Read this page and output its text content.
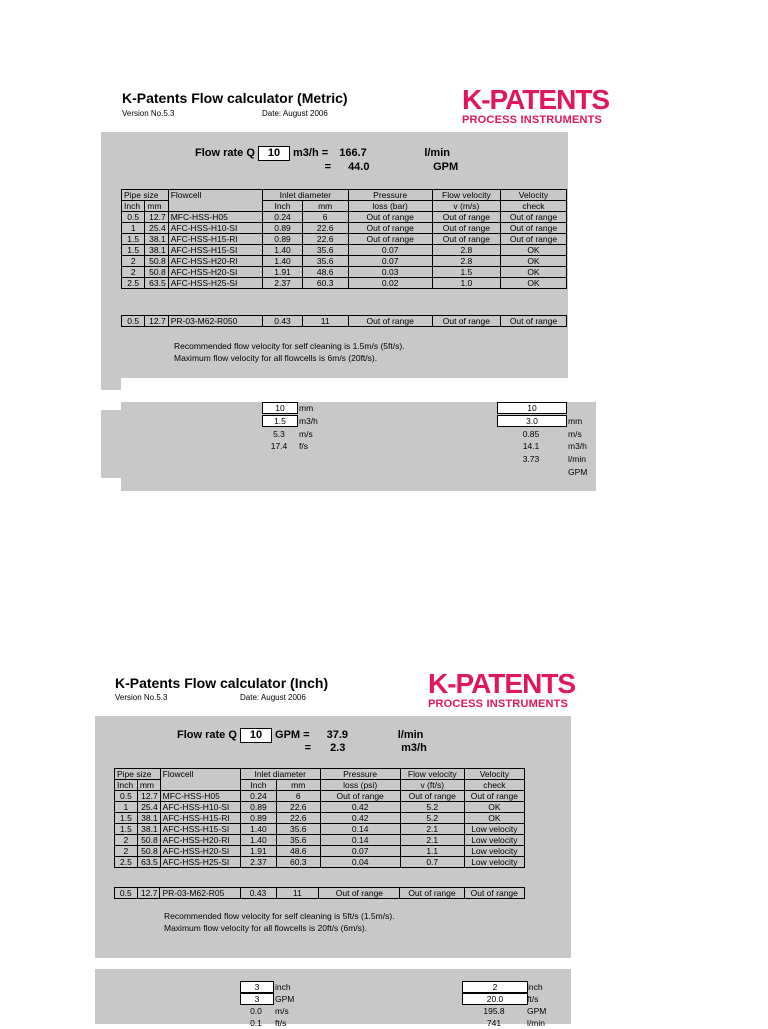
K-Patents Flow calculator (Metric)
Version No.5.3	Date: August 2006	K-PATENTS
PROCESS INSTRUMENTS
Flow rate Q 10 m3/h = 166.7	l/min
= 44.0	GPM
Pipe size		Flowcell	Inlet diameter		Pressure	Flow velocity	Velocity
Inch	mm		Inch	mm	loss (bar)	v (m/s)	check
0.5	12.7	MFC-HSS-H05	0.24	6	Out of range	Out of range	Out of range
1	25.4	AFC-HSS-H10-SI	0.89	22.6	Out of range	Out of range	Out of range
1.5	38.1	AFC-HSS-H15-RI	0.89	22.6	Out of range	Out of range	Out of range
1.5	38.1	AFC-HSS-H15-SI	1.40	35.6	0.07	2.8	OK
2	50.8	AFC-HSS-H20-RI	1.40	35.6	0.07	2.8	OK
2	50.8	AFC-HSS-H20-SI	1.91	48.6	0.03	1.5	OK
2.5	63.5	AFC-HSS-H25-SI	2.37	60.3	0.02	1.0	OK
0.5	12.7	PR-03-M62-R050	0.43	11	Out of range	Out of range	Out of range
Recommended flow velocity for self cleaning is 1.5m/s (5ft/s).
Maximum flow velocity for all flowcells is 6m/s (20ft/s).
10	mm
1.5	m3/h
5.3	m/s
17.4	f/s
10
3.0	mm
0.85	m/s
14.1	m3/h
3.73	l/min
GPM
K-Patents Flow calculator (Inch)
Version No.5.3	Date: August 2006	K-PATENTS
PROCESS INSTRUMENTS
Flow rate Q 10 GPM = 37.9	l/min
= 2.3	m3/h
Pipe size		Flowcell	Inlet diameter		Pressure	Flow velocity	Velocity
Inch	mm		Inch	mm	loss (psi)	v (ft/s)	check
0.5	12.7	MFC-HSS-H05	0.24	6	Out of range	Out of range	Out of range
1	25.4	AFC-HSS-H10-SI	0.89	22.6	0.42	5.2	OK
1.5	38.1	AFC-HSS-H15-RI	0.89	22.6	0.42	5.2	OK
1.5	38.1	AFC-HSS-H15-SI	1.40	35.6	0.14	2.1	Low velocity
2	50.8	AFC-HSS-H20-RI	1.40	35.6	0.14	2.1	Low velocity
2	50.8	AFC-HSS-H20-SI	1.91	48.6	0.07	1.1	Low velocity
2.5	63.5	AFC-HSS-H25-SI	2.37	60.3	0.04	0.7	Low velocity
0.5	12.7	PR-03-M62-R05	0.43	11	Out of range	Out of range	Out of range
Recommended flow velocity for self cleaning is 5ft/s (1.5m/s).
Maximum flow velocity for all flowcells is 20ft/s (6m/s).
3	inch
3	GPM
0.0	m/s
0.1	ft/s
2	inch
20.0	ft/s
195.8	GPM
741	l/min
